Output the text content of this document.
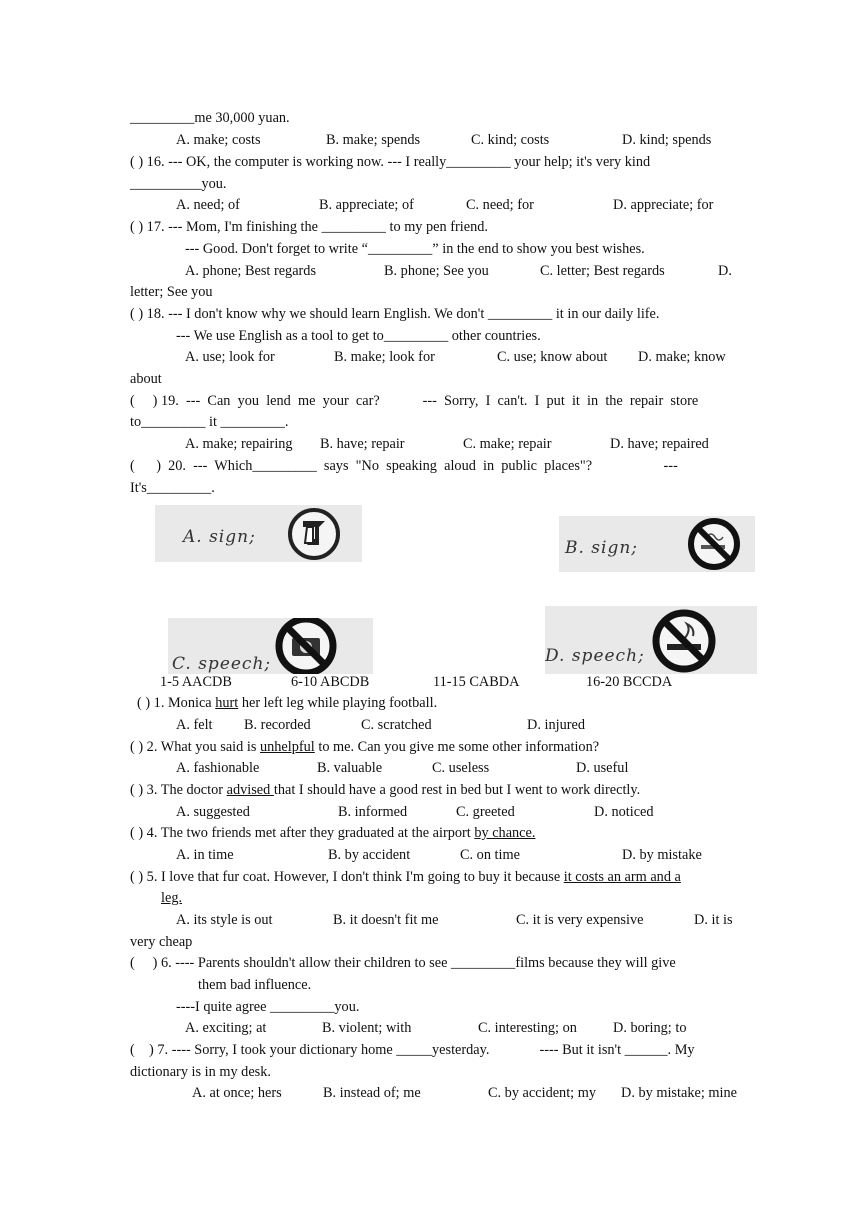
_________me 30,000 yuan.
A. make; costs	B. make; spends	C. kind; costs	D. kind; spends
( ) 16. --- OK, the computer is working now. --- I really_________ your help; it's very kind
__________you.
A. need; of	B. appreciate; of	C. need; for	D. appreciate; for
( ) 17. --- Mom, I'm finishing the _________ to my pen friend.
--- Good. Don't forget to write “_________” in the end to show you best wishes.
A. phone; Best regards	B. phone; See you	C. letter; Best regards	D.
letter; See you
( ) 18. --- I don't know why we should learn English. We don't _________ it in our daily life.
--- We use English as a tool to get to_________ other countries.
A. use; look for	B. make; look for	C. use; know about D. make; know
about
(     ) 19.  ---  Can  you  lend  me  your  car?            ---  Sorry,  I  can't.  I  put  it  in  the  repair  store
to_________ it _________.
A. make; repairing B. have; repair	C. make; repair	D. have; repaired
(      )  20.  ---  Which_________  says  "No  speaking  aloud  in  public  places"?                    ---
It's_________.
A. sign;
B. sign;
C. speech;	D. speech;
1-5 AACDB	6-10 ABCDB	11-15 CABDA	16-20 BCCDA
( ) 1. Monica hurt her left leg while playing football.
A. felt B. recorded	C. scratched	D. injured
( ) 2. What you said is unhelpful to me. Can you give me some other information?
A. fashionable	B. valuable	C. useless	D. useful
( ) 3. The doctor advised that I should have a good rest in bed but I went to work directly.
A. suggested	B. informed	C. greeted	D. noticed
( ) 4. The two friends met after they graduated at the airport by chance.
A. in time	B. by accident	C. on time	D. by mistake
( ) 5. I love that fur coat. However, I don't think I'm going to buy it because it costs an arm and a
leg.
A. its style is out	B. it doesn't fit me	C. it is very expensive	D. it is
very cheap
(     ) 6. ---- Parents shouldn't allow their children to see _________films because they will give
them bad influence.
----I quite agree _________you.
A. exciting; at	B. violent; with	C. interesting; on	D. boring; to
(    ) 7. ---- Sorry, I took your dictionary home _____yesterday.              ---- But it isn't ______. My
dictionary is in my desk.
A. at once; hers	B. instead of; me	C. by accident; my D. by mistake; mine
